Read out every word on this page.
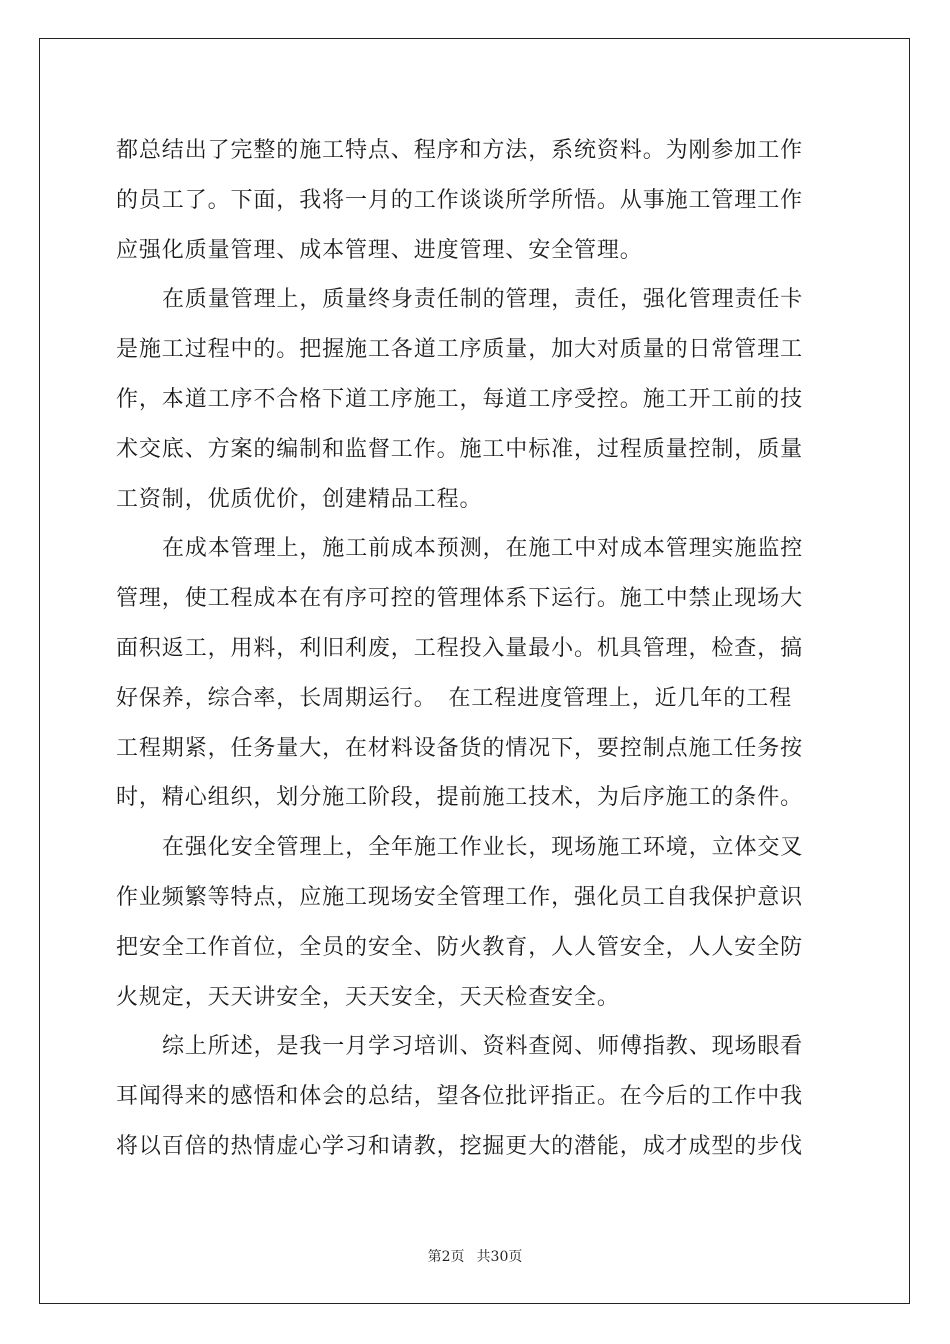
都总结出了完整的施工特点、程序和方法，系统资料。为刚参加工作
的员工了。下面，我将一月的工作谈谈所学所悟。从事施工管理工作
应强化质量管理、成本管理、进度管理、安全管理。
在质量管理上，质量终身责任制的管理，责任，强化管理责任卡
是施工过程中的。把握施工各道工序质量，加大对质量的日常管理工
作，本道工序不合格下道工序施工，每道工序受控。施工开工前的技
术交底、方案的编制和监督工作。施工中标准，过程质量控制，质量
工资制，优质优价，创建精品工程。
在成本管理上，施工前成本预测，在施工中对成本管理实施监控
管理，使工程成本在有序可控的管理体系下运行。施工中禁止现场大
面积返工，用料，利旧利废，工程投入量最小。机具管理，检查，搞
好保养，综合率，长周期运行。　在工程进度管理上，近几年的工程
工程期紧，任务量大，在材料设备货的情况下，要控制点施工任务按
时，精心组织，划分施工阶段，提前施工技术，为后序施工的条件。
在强化安全管理上，全年施工作业长，现场施工环境，立体交叉
作业频繁等特点，应施工现场安全管理工作，强化员工自我保护意识
把安全工作首位，全员的安全、防火教育，人人管安全，人人安全防
火规定，天天讲安全，天天安全，天天检查安全。
综上所述，是我一月学习培训、资料查阅、师傅指教、现场眼看
耳闻得来的感悟和体会的总结，望各位批评指正。在今后的工作中我
将以百倍的热情虚心学习和请教，挖掘更大的潜能，成才成型的步伐
第2页 共30页
